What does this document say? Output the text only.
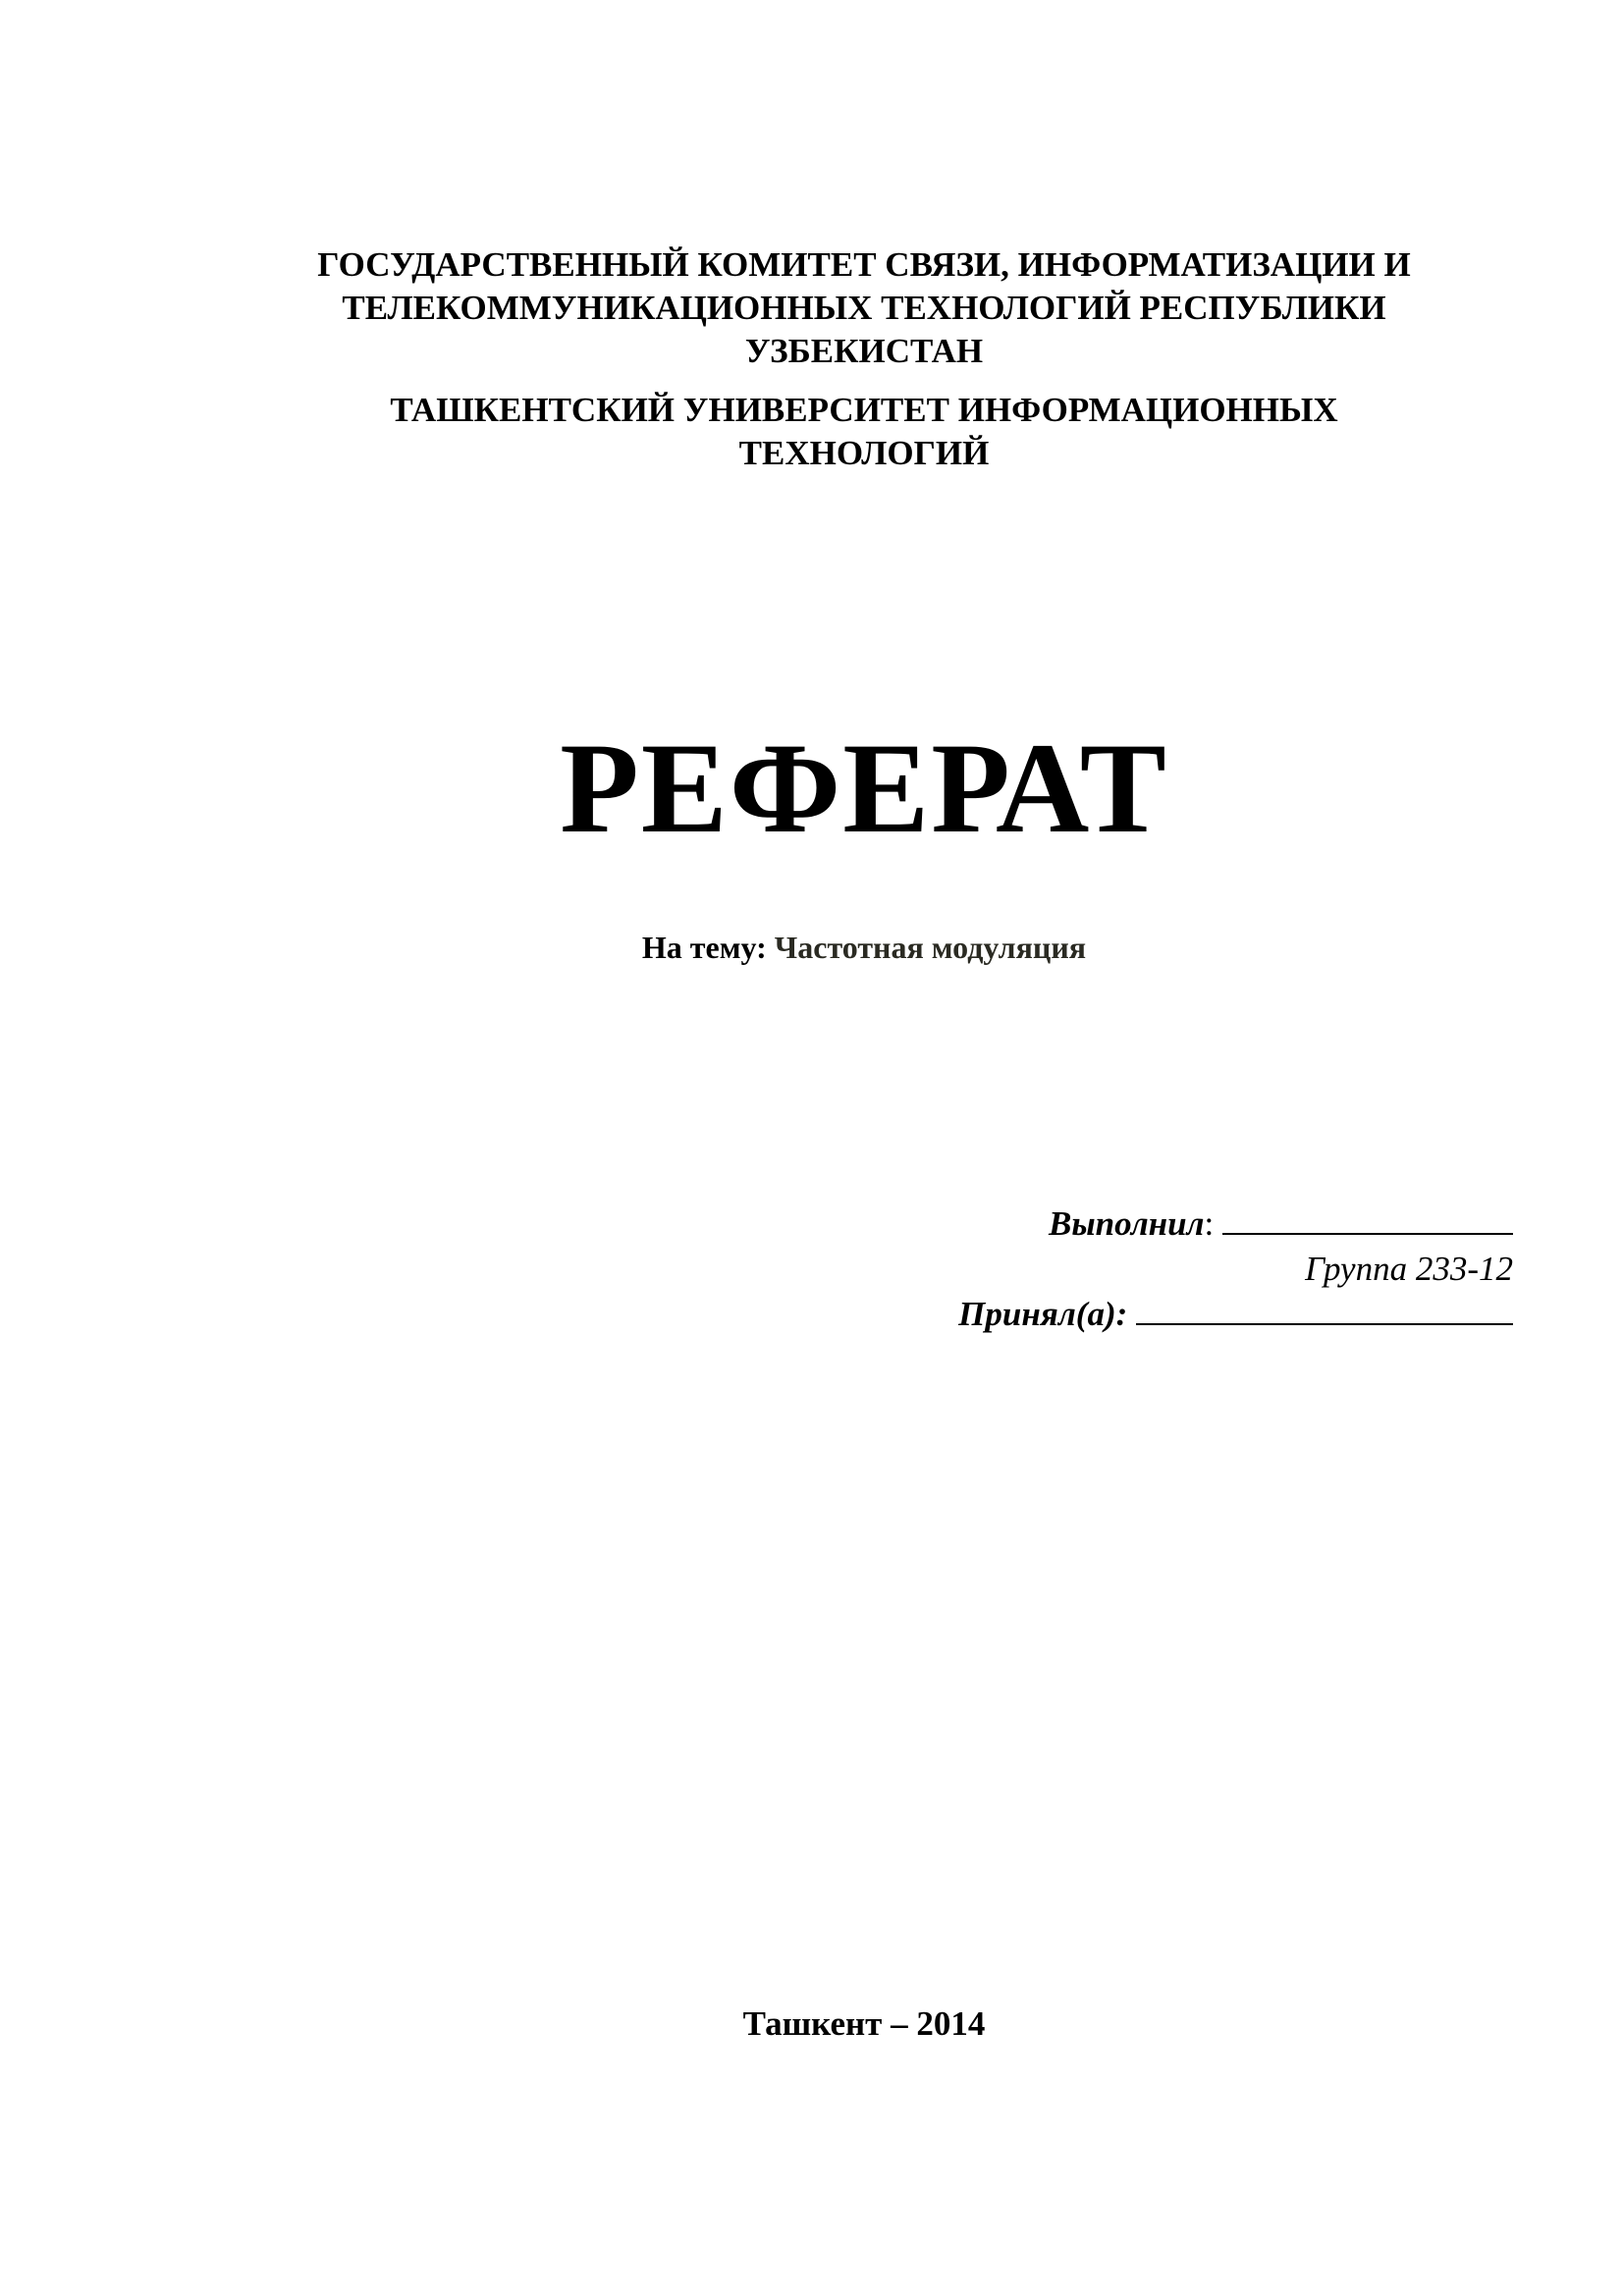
ГОСУДАРСТВЕННЫЙ КОМИТЕТ СВЯЗИ, ИНФОРМАТИЗАЦИИ И
ТЕЛЕКОММУНИКАЦИОННЫХ ТЕХНОЛОГИЙ РЕСПУБЛИКИ
УЗБЕКИСТАН
ТАШКЕНТСКИЙ УНИВЕРСИТЕТ ИНФОРМАЦИОННЫХ
ТЕХНОЛОГИЙ
РЕФЕРАТ
На тему: Частотная модуляция
Выполнил:
Группа 233-12
Принял(а):
Ташкент – 2014
